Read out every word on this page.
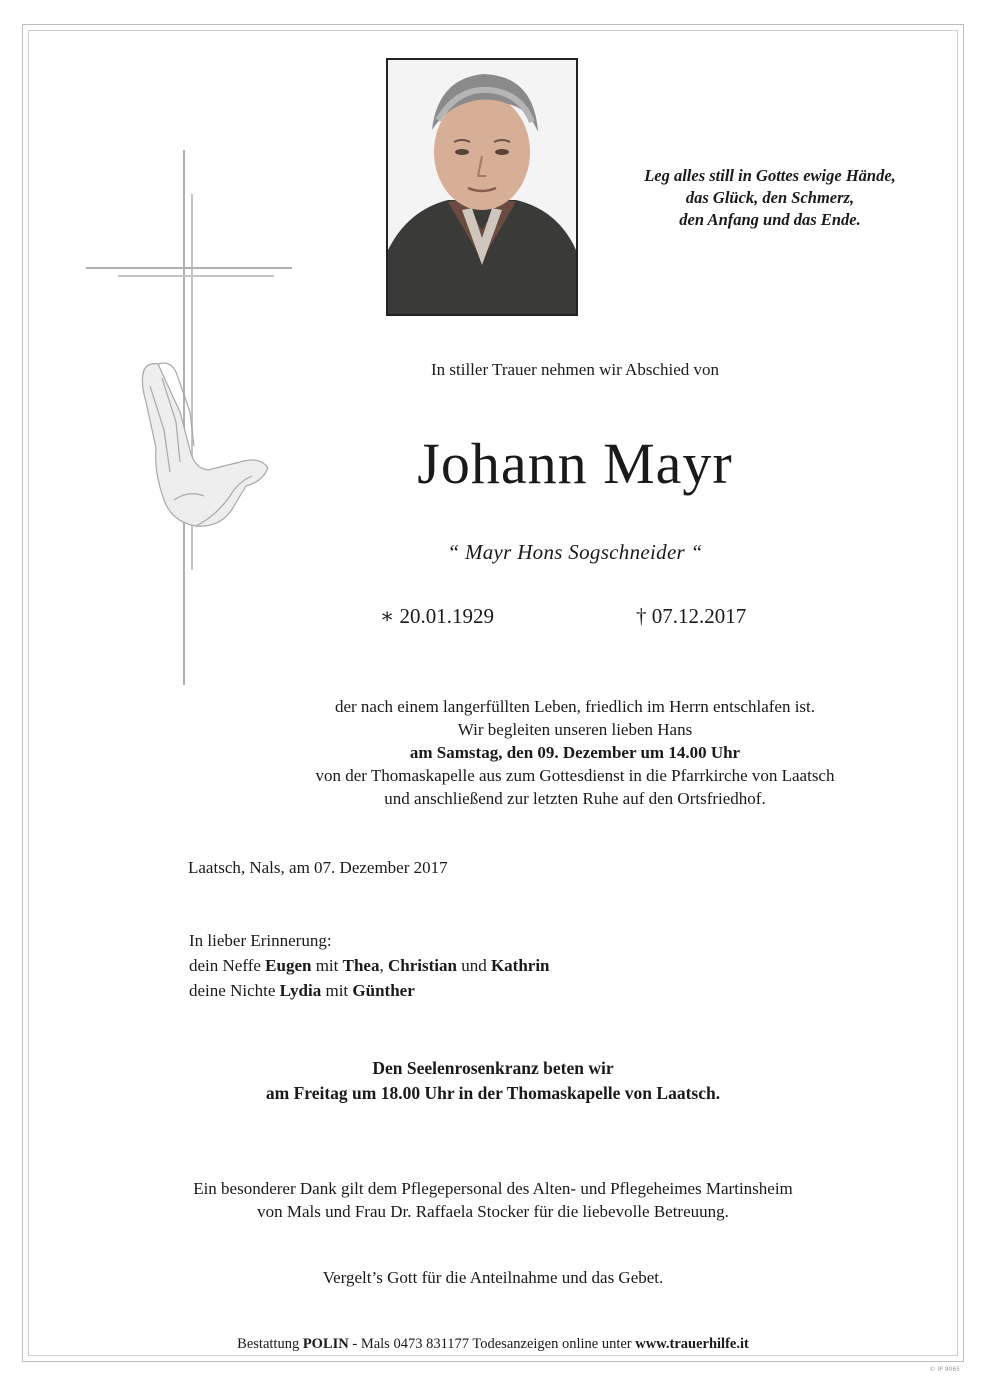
Leg alles still in Gottes ewige Hände,
das Glück, den Schmerz,
den Anfang und das Ende.
In stiller Trauer nehmen wir Abschied von
Johann Mayr
“ Mayr Hons Sogschneider “
∗ 20.01.1929	† 07.12.2017
der nach einem langerfüllten Leben, friedlich im Herrn entschlafen ist.
Wir begleiten unseren lieben Hans
am Samstag, den 09. Dezember um 14.00 Uhr
von der Thomaskapelle aus zum Gottesdienst in die Pfarrkirche von Laatsch
und anschließend zur letzten Ruhe auf den Ortsfriedhof.
Laatsch, Nals, am 07. Dezember 2017
In lieber Erinnerung:
dein Neffe Eugen mit Thea, Christian und Kathrin
deine Nichte Lydia mit Günther
Den Seelenrosenkranz beten wir
am Freitag um 18.00 Uhr in der Thomaskapelle von Laatsch.
Ein besonderer Dank gilt dem Pflegepersonal des Alten- und Pflegeheimes Martinsheim
von Mals und Frau Dr. Raffaela Stocker für die liebevolle Betreuung.
Vergelt’s Gott für die Anteilnahme und das Gebet.
Bestattung POLIN - Mals 0473 831177 Todesanzeigen online unter www.trauerhilfe.it
© IP 9065
